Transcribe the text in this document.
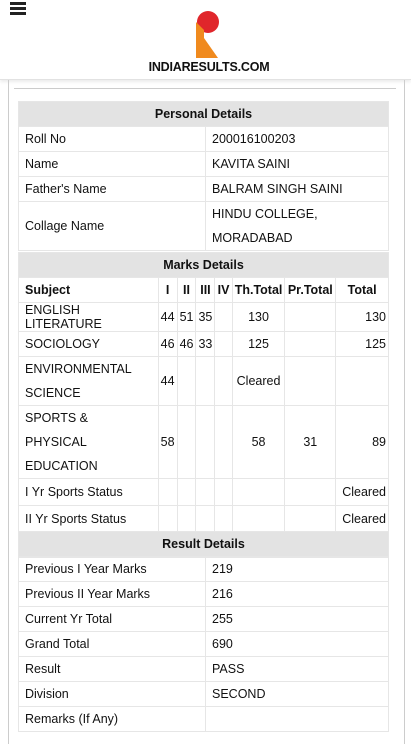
INDIARESULTS.COM
Personal Details	
Roll No	200016100203
Name	KAVITA SAINI
Father's Name	BALRAM SINGH SAINI
Collage Name	HINDU COLLEGE, MORADABAD
Marks Details							
Subject	I	II	III	IV	Th.Total	Pr.Total	Total
ENGLISH LITERATURE	44	51	35		130		130
SOCIOLOGY	46	46	33		125		125
ENVIRONMENTAL SCIENCE	44				Cleared		
SPORTS & PHYSICAL EDUCATION	58				58	31	89
I Yr Sports Status							Cleared
II Yr Sports Status							Cleared

Result Details	
Previous I Year Marks	219
Previous II Year Marks	216
Current Yr Total	255
Grand Total	690
Result	PASS
Division	SECOND
Remarks (If Any)	
